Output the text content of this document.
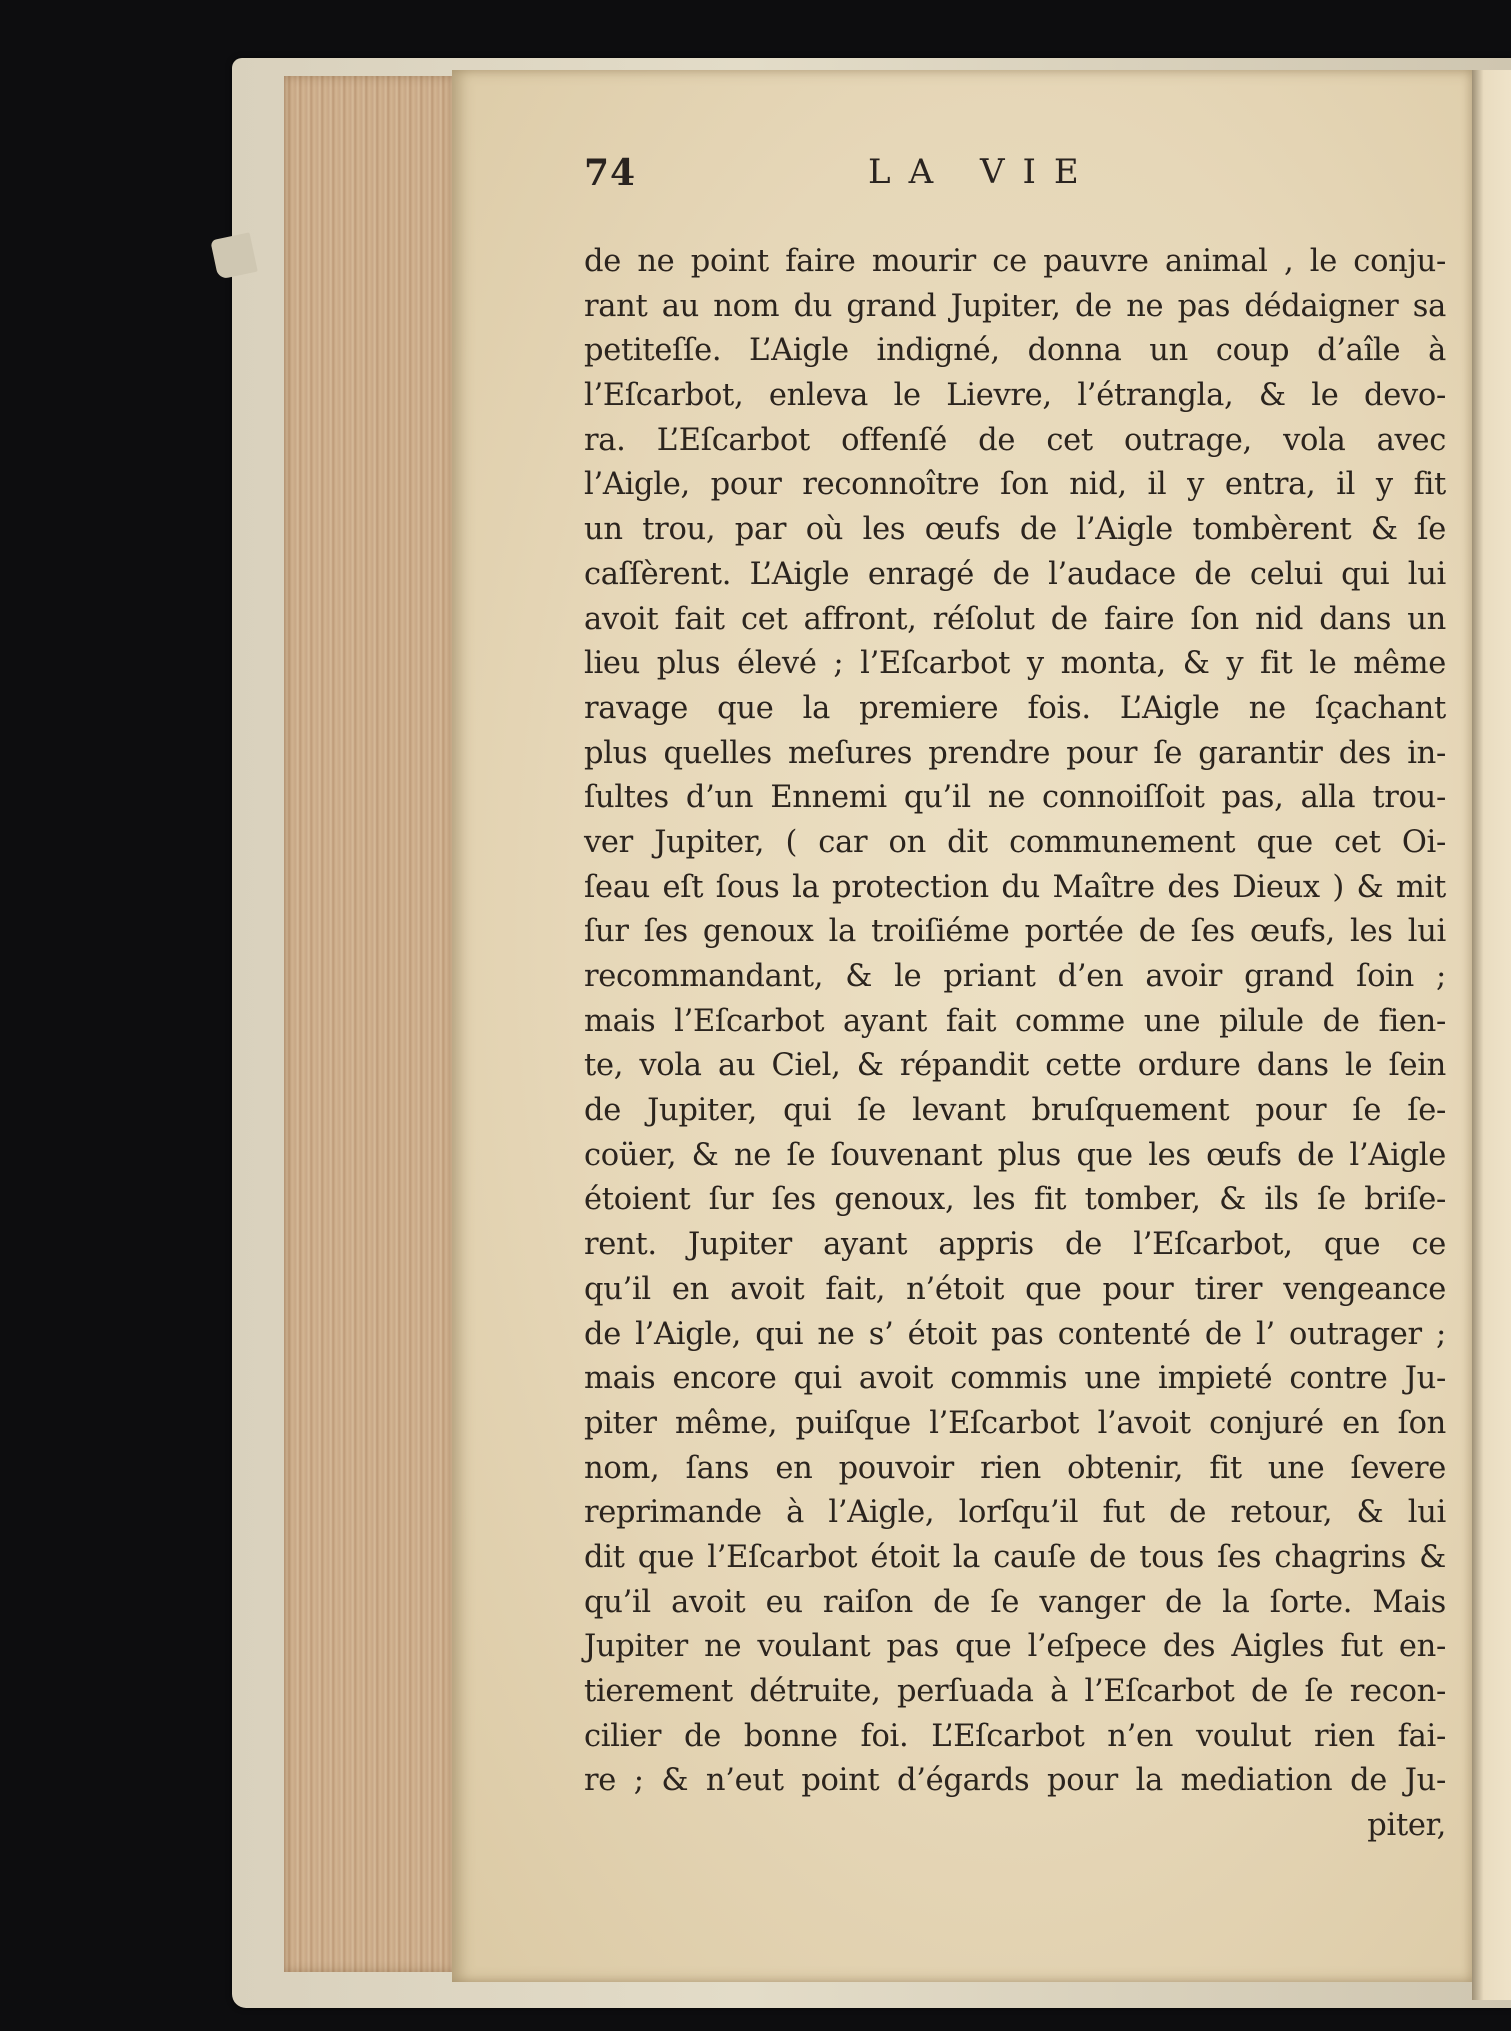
74	LA VIE
de ne point faire mourir ce pauvre animal , le conju-
rant au nom du grand Jupiter, de ne pas dédaigner sa
petiteſſe. L’Aigle indigné, donna un coup d’aîle à
l’Eſcarbot, enleva le Lievre, l’étrangla, & le devo-
ra. L’Eſcarbot offenſé de cet outrage, vola avec
l’Aigle, pour reconnoître ſon nid, il y entra, il y fit
un trou, par où les œufs de l’Aigle tombèrent & ſe
caſſèrent. L’Aigle enragé de l’audace de celui qui lui
avoit fait cet affront, réſolut de faire ſon nid dans un
lieu plus élevé ; l’Eſcarbot y monta, & y fit le même
ravage que la premiere fois. L’Aigle ne ſçachant
plus quelles meſures prendre pour ſe garantir des in-
ſultes d’un Ennemi qu’il ne connoiſſoit pas, alla trou-
ver Jupiter, ( car on dit communement que cet Oi-
ſeau eſt ſous la protection du Maître des Dieux ) & mit
ſur ſes genoux la troiſiéme portée de ſes œufs, les lui
recommandant, & le priant d’en avoir grand ſoin ;
mais l’Eſcarbot ayant fait comme une pilule de fien-
te, vola au Ciel, & répandit cette ordure dans le ſein
de Jupiter, qui ſe levant bruſquement pour ſe ſe-
coüer, & ne ſe ſouvenant plus que les œufs de l’Aigle
étoient ſur ſes genoux, les fit tomber, & ils ſe briſe-
rent. Jupiter ayant appris de l’Eſcarbot, que ce
qu’il en avoit fait, n’étoit que pour tirer vengeance
de l’Aigle, qui ne s’ étoit pas contenté de l’ outrager ;
mais encore qui avoit commis une impieté contre Ju-
piter même, puiſque l’Eſcarbot l’avoit conjuré en ſon
nom, ſans en pouvoir rien obtenir, fit une ſevere
reprimande à l’Aigle, lorſqu’il fut de retour, & lui
dit que l’Eſcarbot étoit la cauſe de tous ſes chagrins &
qu’il avoit eu raiſon de ſe vanger de la ſorte. Mais
Jupiter ne voulant pas que l’eſpece des Aigles fut en-
tierement détruite, perſuada à l’Eſcarbot de ſe recon-
cilier de bonne foi. L’Eſcarbot n’en voulut rien fai-
re ; & n’eut point d’égards pour la mediation de Ju-
piter,
